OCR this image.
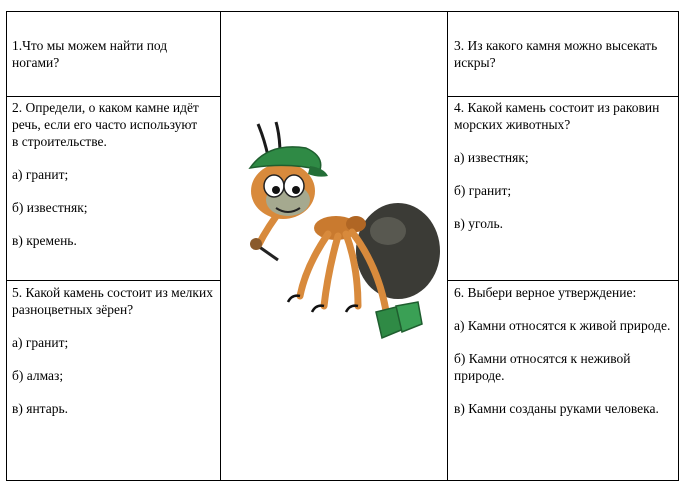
1.Что мы можем найти под ногами?

3. Из какого камня можно высекать искры?

2. Определи, о каком камне идёт речь, если его часто используют
в строительстве.

а) гранит;

б) известняк;

в) кремень.

4. Какой камень состоит из раковин морских животных?

а) известняк;

б) гранит;

в) уголь.

5. Какой камень состоит из мелких разноцветных зёрен?

а) гранит;

б) алмаз;

в) янтарь.

6. Выбери верное утверждение:

а) Камни относятся к живой природе.

б) Камни относятся к неживой природе.

в) Камни созданы руками человека.
